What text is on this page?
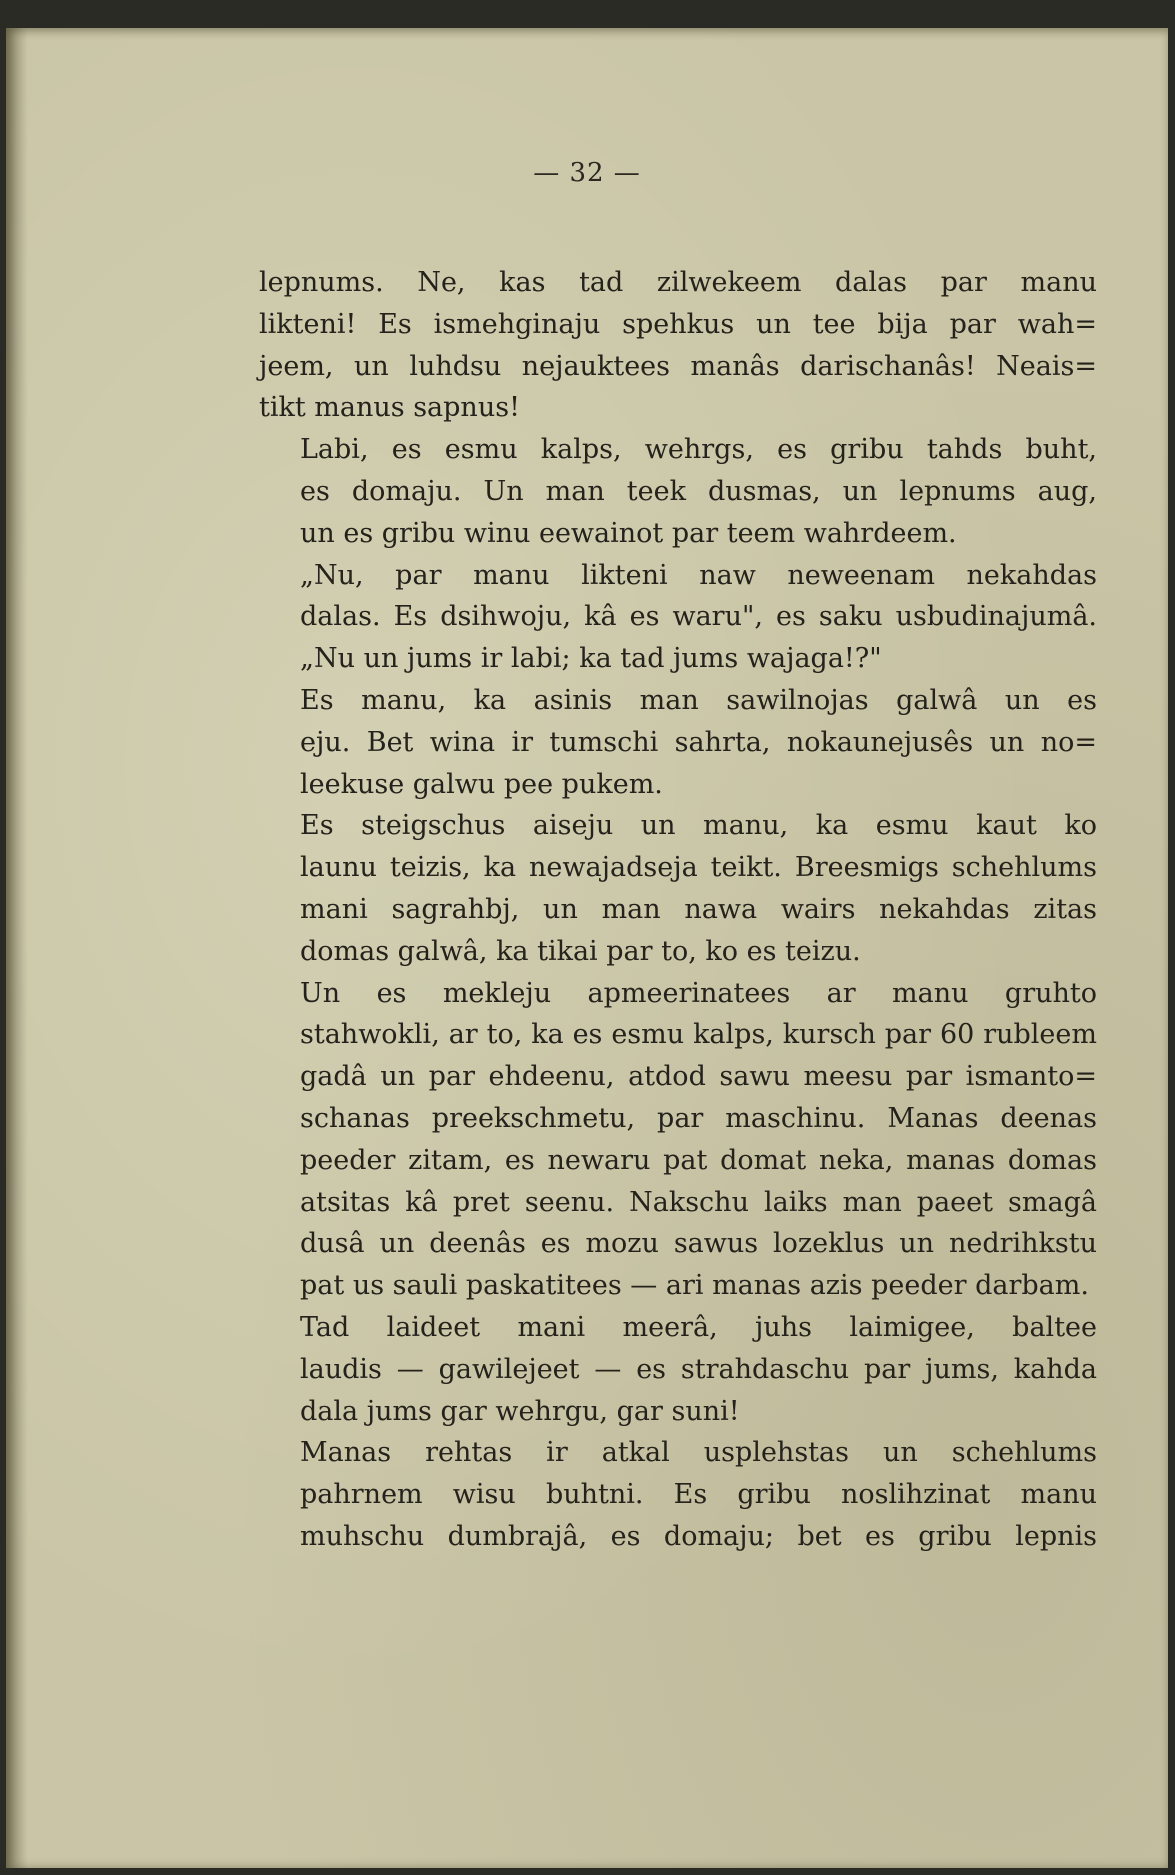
— 32 —

lepnums. Ne, kas tad zilwekeem dalas par manu
likteni! Es ismehginaju spehkus un tee bija par wah=
jeem, un luhdsu nejauktees manâs darischanâs! Neais=
tikt manus sapnus!

Labi, es esmu kalps, wehrgs, es gribu tahds buht,
es domaju. Un man teek dusmas, un lepnums aug,
un es gribu winu eewainot par teem wahrdeem.

„Nu, par manu likteni naw neweenam nekahdas
dalas. Es dsihwoju, kâ es waru", es saku usbudinajumâ.
„Nu un jums ir labi; ka tad jums wajaga!?"

Es manu, ka asinis man sawilnojas galwâ un es
eju. Bet wina ir tumschi sahrta, nokaunejusês un no=
leekuse galwu pee pukem.

Es steigschus aiseju un manu, ka esmu kaut ko
launu teizis, ka newajadseja teikt. Breesmigs schehlums
mani sagrahbj, un man nawa wairs nekahdas zitas
domas galwâ, ka tikai par to, ko es teizu.

Un es mekleju apmeerinatees ar manu gruhto
stahwokli, ar to, ka es esmu kalps, kursch par 60 rubleem
gadâ un par ehdeenu, atdod sawu meesu par ismanto=
schanas preekschmetu, par maschinu. Manas deenas
peeder zitam, es newaru pat domat neka, manas domas
atsitas kâ pret seenu. Nakschu laiks man paeet smagâ
dusâ un deenâs es mozu sawus lozeklus un nedrihkstu
pat us sauli paskatitees — ari manas azis peeder darbam.

Tad laideet mani meerâ, juhs laimigee, baltee
laudis — gawilejeet — es strahdaschu par jums, kahda
dala jums gar wehrgu, gar suni!

Manas rehtas ir atkal usplehstas un schehlums
pahrnem wisu buhtni. Es gribu noslihzinat manu
muhschu dumbrajâ, es domaju; bet es gribu lepnis
